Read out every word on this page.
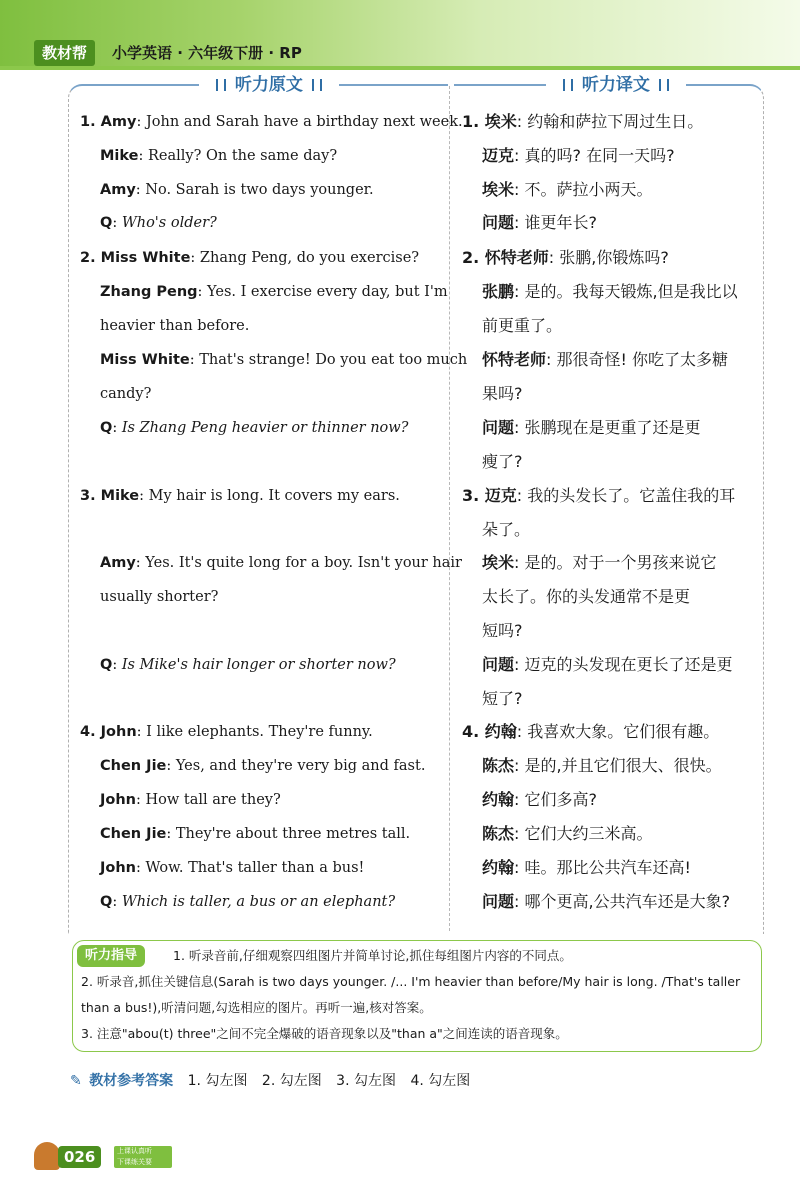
教材帮	小学英语 · 六年级下册 · RP
听力原文	听力译文
1. Amy: John and Sarah have a birthday next week.
Mike: Really? On the same day?
Amy: No. Sarah is two days younger.
Q: Who's older?
2. Miss White: Zhang Peng, do you exercise?
Zhang Peng: Yes. I exercise every day, but I'm
heavier than before.
Miss White: That's strange! Do you eat too much
candy?
Q: Is Zhang Peng heavier or thinner now?
3. Mike: My hair is long. It covers my ears.
Amy: Yes. It's quite long for a boy. Isn't your hair
usually shorter?
Q: Is Mike's hair longer or shorter now?
4. John: I like elephants. They're funny.
Chen Jie: Yes, and they're very big and fast.
John: How tall are they?
Chen Jie: They're about three metres tall.
John: Wow. That's taller than a bus!
Q: Which is taller, a bus or an elephant?
1. 埃米: 约翰和萨拉下周过生日。
迈克: 真的吗? 在同一天吗?
埃米: 不。萨拉小两天。
问题: 谁更年长?
2. 怀特老师: 张鹏,你锻炼吗?
张鹏: 是的。我每天锻炼,但是我比以
前更重了。
怀特老师: 那很奇怪! 你吃了太多糖
果吗?
问题: 张鹏现在是更重了还是更
瘦了?
3. 迈克: 我的头发长了。它盖住我的耳
朵了。
埃米: 是的。对于一个男孩来说它
太长了。你的头发通常不是更
短吗?
问题: 迈克的头发现在更长了还是更
短了?
4. 约翰: 我喜欢大象。它们很有趣。
陈杰: 是的,并且它们很大、很快。
约翰: 它们多高?
陈杰: 它们大约三米高。
约翰: 哇。那比公共汽车还高!
问题: 哪个更高,公共汽车还是大象?
听力指导	1. 听录音前,仔细观察四组图片并简单讨论,抓住每组图片内容的不同点。
2. 听录音,抓住关键信息(Sarah is two days younger. /... I'm heavier than before/My hair is long. /That's taller
than a bus!),听清问题,勾选相应的图片。再听一遍,核对答案。
3. 注意"abou(t) three"之间不完全爆破的语音现象以及"than a"之间连读的语音现象。
✎ 教材参考答案 1. 勾左图 2. 勾左图 3. 勾左图 4. 勾左图
026	上课认真听
下课练关要
